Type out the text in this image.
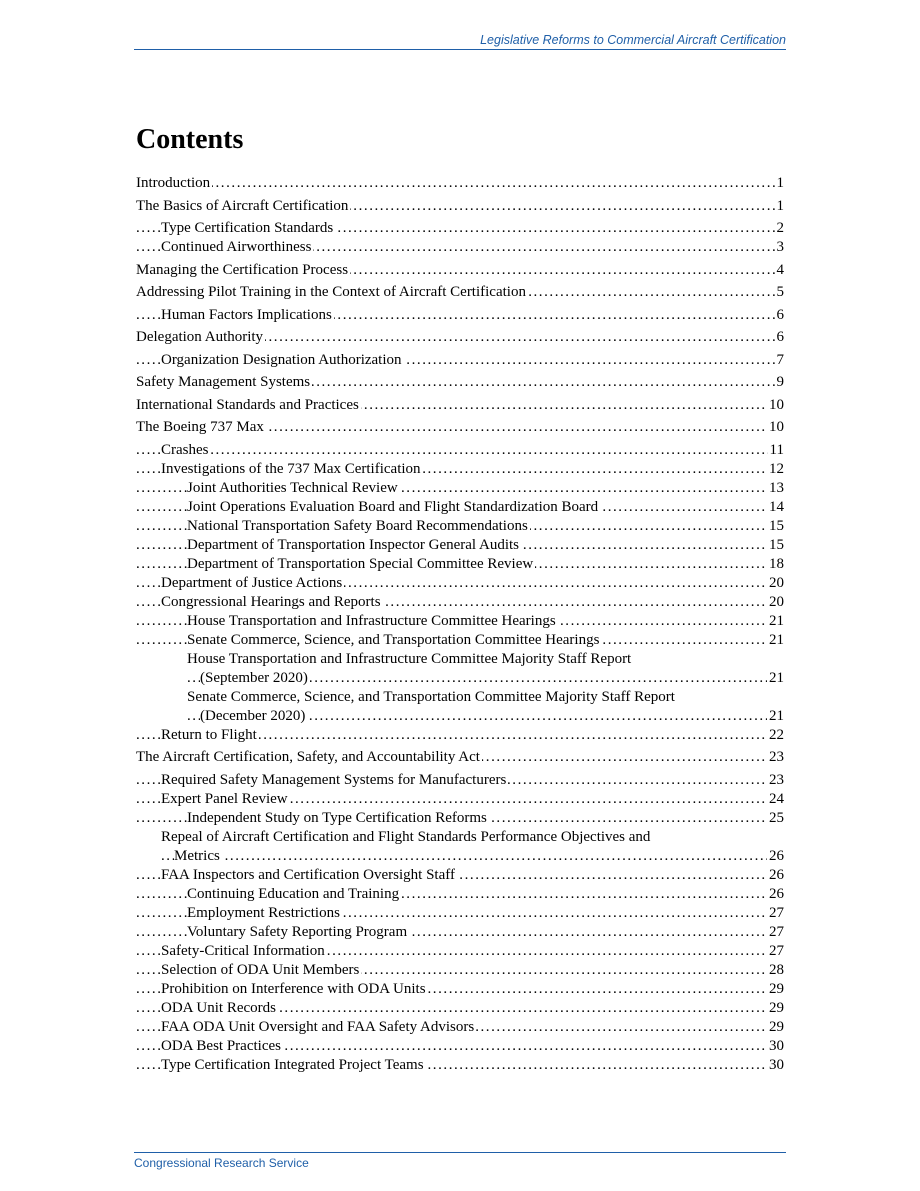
Legislative Reforms to Commercial Aircraft Certification
Contents
Introduction	1
. . .
The Basics of Aircraft Certification	1
. . .
Type Certification Standards	2
. . .
Continued Airworthiness	3
. . .
Managing the Certification Process	4
. . .
Addressing Pilot Training in the Context of Aircraft Certification	5
. . .
Human Factors Implications	6
. . .
Delegation Authority	6
. . .
Organization Designation Authorization	7
. . .
Safety Management Systems	9
. . .
International Standards and Practices	10
. . .
The Boeing 737 Max	10
. . .
Crashes	11
. . .
Investigations of the 737 Max Certification	12
. . .
Joint Authorities Technical Review	13
. . .
Joint Operations Evaluation Board and Flight Standardization Board	14
. . .
National Transportation Safety Board Recommendations	15
. . .
Department of Transportation Inspector General Audits	15
. . .
Department of Transportation Special Committee Review	18
. . .
Department of Justice Actions	20
. . .
Congressional Hearings and Reports	20
. . .
House Transportation and Infrastructure Committee Hearings	21
. . .
Senate Commerce, Science, and Transportation Committee Hearings	21
. . .
House Transportation and Infrastructure Committee Majority Staff Report
(September 2020)	21
. . .
Senate Commerce, Science, and Transportation Committee Majority Staff Report
(December 2020)	21
. . .
Return to Flight	22
. . .
The Aircraft Certification, Safety, and Accountability Act	23
. . .
Required Safety Management Systems for Manufacturers	23
. . .
Expert Panel Review	24
. . .
Independent Study on Type Certification Reforms	25
. . .
Repeal of Aircraft Certification and Flight Standards Performance Objectives and
Metrics	26
. . .
FAA Inspectors and Certification Oversight Staff	26
. . .
Continuing Education and Training	26
. . .
Employment Restrictions	27
. . .
Voluntary Safety Reporting Program	27
. . .
Safety-Critical Information	27
. . .
Selection of ODA Unit Members	28
. . .
Prohibition on Interference with ODA Units	29
. . .
ODA Unit Records	29
. . .
FAA ODA Unit Oversight and FAA Safety Advisors	29
. . .
ODA Best Practices	30
. . .
Type Certification Integrated Project Teams	30
. . .
Congressional Research Service
